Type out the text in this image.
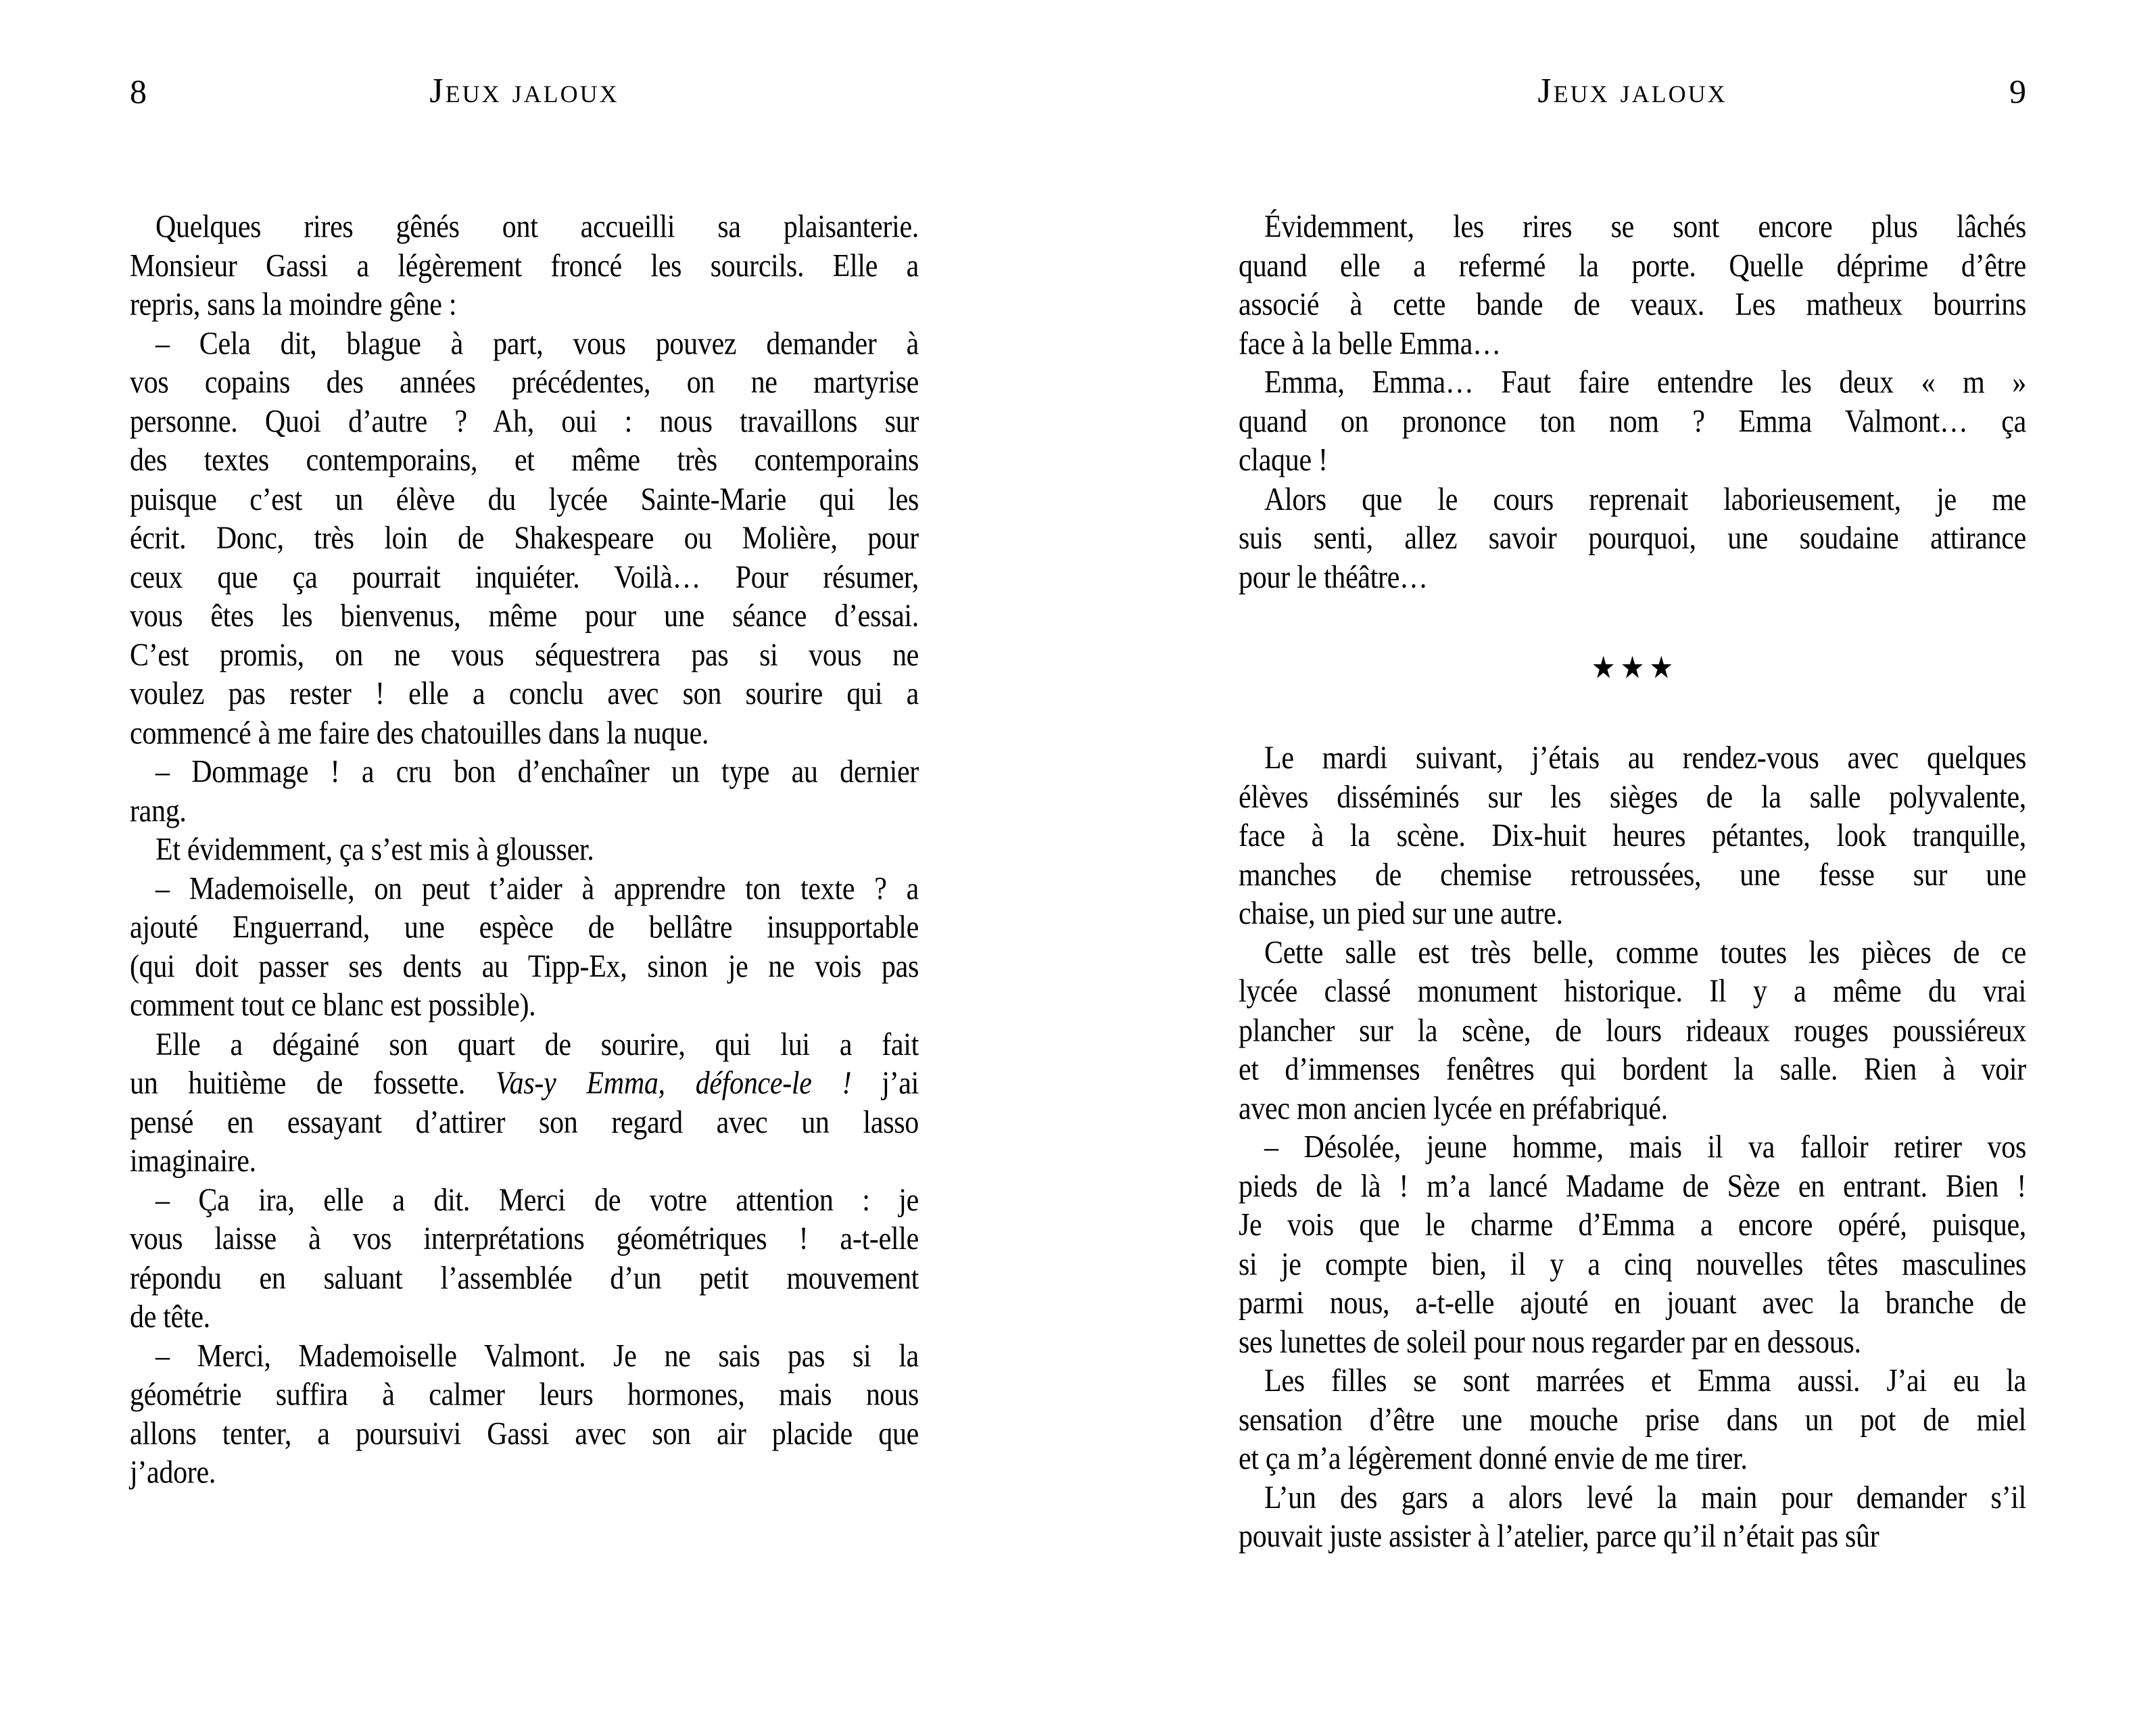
8	Jeux jaloux
Quelques rires gênés ont accueilli sa plaisanterie.
Monsieur Gassi a légèrement froncé les sourcils. Elle a
repris, sans la moindre gêne :
– Cela dit, blague à part, vous pouvez demander à
vos copains des années précédentes, on ne martyrise
personne. Quoi d’autre ? Ah, oui : nous travaillons sur
des textes contemporains, et même très contemporains
puisque c’est un élève du lycée Sainte-Marie qui les
écrit. Donc, très loin de Shakespeare ou Molière, pour
ceux que ça pourrait inquiéter. Voilà… Pour résumer,
vous êtes les bienvenus, même pour une séance d’essai.
C’est promis, on ne vous séquestrera pas si vous ne
voulez pas rester ! elle a conclu avec son sourire qui a
commencé à me faire des chatouilles dans la nuque.
– Dommage ! a cru bon d’enchaîner un type au dernier
rang.
Et évidemment, ça s’est mis à glousser.
– Mademoiselle, on peut t’aider à apprendre ton texte ? a
ajouté Enguerrand, une espèce de bellâtre insupportable
(qui doit passer ses dents au Tipp-Ex, sinon je ne vois pas
comment tout ce blanc est possible).
Elle a dégainé son quart de sourire, qui lui a fait
un huitième de fossette. Vas-y Emma, défonce-le ! j’ai
pensé en essayant d’attirer son regard avec un lasso
imaginaire.
– Ça ira, elle a dit. Merci de votre attention : je
vous laisse à vos interprétations géométriques ! a-t-elle
répondu en saluant l’assemblée d’un petit mouvement
de tête.
– Merci, Mademoiselle Valmont. Je ne sais pas si la
géométrie suffira à calmer leurs hormones, mais nous
allons tenter, a poursuivi Gassi avec son air placide que
j’adore.
Jeux jaloux	9
Évidemment, les rires se sont encore plus lâchés
quand elle a refermé la porte. Quelle déprime d’être
associé à cette bande de veaux. Les matheux bourrins
face à la belle Emma…
Emma, Emma… Faut faire entendre les deux « m »
quand on prononce ton nom ? Emma Valmont… ça
claque !
Alors que le cours reprenait laborieusement, je me
suis senti, allez savoir pourquoi, une soudaine attirance
pour le théâtre…
★★★
Le mardi suivant, j’étais au rendez-vous avec quelques
élèves disséminés sur les sièges de la salle polyvalente,
face à la scène. Dix-huit heures pétantes, look tranquille,
manches de chemise retroussées, une fesse sur une
chaise, un pied sur une autre.
Cette salle est très belle, comme toutes les pièces de ce
lycée classé monument historique. Il y a même du vrai
plancher sur la scène, de lours rideaux rouges poussiéreux
et d’immenses fenêtres qui bordent la salle. Rien à voir
avec mon ancien lycée en préfabriqué.
– Désolée, jeune homme, mais il va falloir retirer vos
pieds de là ! m’a lancé Madame de Sèze en entrant. Bien !
Je vois que le charme d’Emma a encore opéré, puisque,
si je compte bien, il y a cinq nouvelles têtes masculines
parmi nous, a-t-elle ajouté en jouant avec la branche de
ses lunettes de soleil pour nous regarder par en dessous.
Les filles se sont marrées et Emma aussi. J’ai eu la
sensation d’être une mouche prise dans un pot de miel
et ça m’a légèrement donné envie de me tirer.
L’un des gars a alors levé la main pour demander s’il
pouvait juste assister à l’atelier, parce qu’il n’était pas sûr
